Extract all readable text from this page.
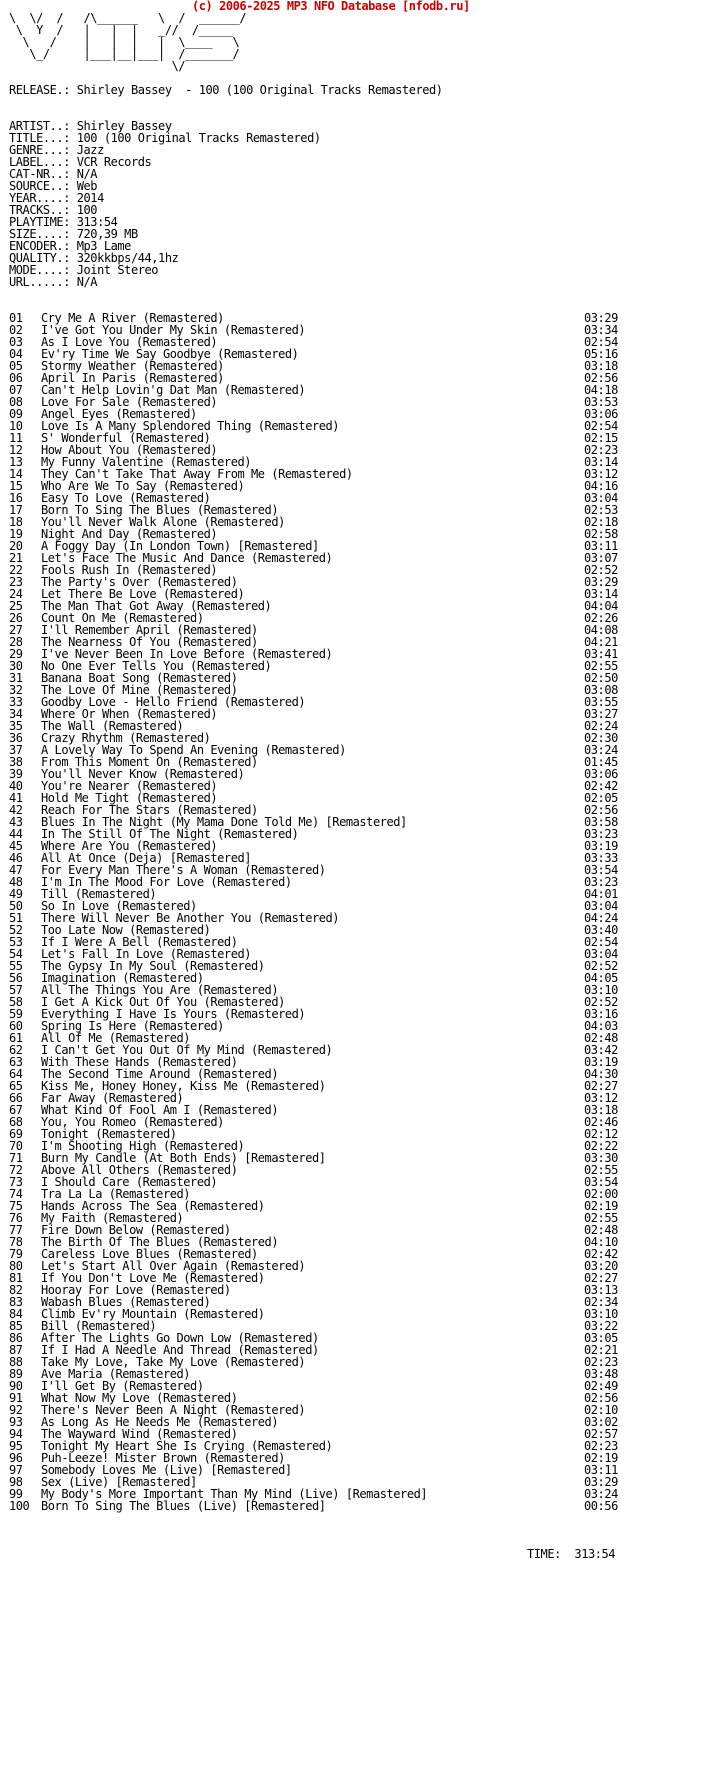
(c) 2006-2025 MP3 NFO Database [nfodb.ru]

\  \/  /   /\______   \  /  ______/
\  Y  /   |   |  |   _//  /_____
\   /    |   |  |   |  \____   \
\_/     |___|__|___|  /_______/
\/

RELEASE.: Shirley Bassey  - 100 (100 Original Tracks Remastered)

ARTIST..: Shirley Bassey
TITLE...: 100 (100 Original Tracks Remastered)
GENRE...: Jazz
LABEL...: VCR Records
CAT-NR..: N/A
SOURCE..: Web
YEAR....: 2014
TRACKS..: 100
PLAYTIME: 313:54
SIZE....: 720,39 MB
ENCODER.: Mp3 Lame
QUALITY.: 320kkbps/44,1hz
MODE....: Joint Stereo
URL.....: N/A

01 Cry Me A River (Remastered)	03:29
02 I've Got You Under My Skin (Remastered)	03:34
03 As I Love You (Remastered)	02:54
04 Ev'ry Time We Say Goodbye (Remastered)	05:16
05 Stormy Weather (Remastered)	03:18
06 April In Paris (Remastered)	02:56
07 Can't Help Lovin'g Dat Man (Remastered)	04:18
08 Love For Sale (Remastered)	03:53
09 Angel Eyes (Remastered)	03:06
10 Love Is A Many Splendored Thing (Remastered)	02:54
11 S' Wonderful (Remastered)	02:15
12 How About You (Remastered)	02:23
13 My Funny Valentine (Remastered)	03:14
14 They Can't Take That Away From Me (Remastered)	03:12
15 Who Are We To Say (Remastered)	04:16
16 Easy To Love (Remastered)	03:04
17 Born To Sing The Blues (Remastered)	02:53
18 You'll Never Walk Alone (Remastered)	02:18
19 Night And Day (Remastered)	02:58
20 A Foggy Day (In London Town) [Remastered]	03:11
21 Let's Face The Music And Dance (Remastered)	03:07
22 Fools Rush In (Remastered)	02:52
23 The Party's Over (Remastered)	03:29
24 Let There Be Love (Remastered)	03:14
25 The Man That Got Away (Remastered)	04:04
26 Count On Me (Remastered)	02:26
27 I'll Remember April (Remastered)	04:08
28 The Nearness Of You (Remastered)	04:21
29 I've Never Been In Love Before (Remastered)	03:41
30 No One Ever Tells You (Remastered)	02:55
31 Banana Boat Song (Remastered)	02:50
32 The Love Of Mine (Remastered)	03:08
33 Goodby Love - Hello Friend (Remastered)	03:55
34 Where Or When (Remastered)	03:27
35 The Wall (Remastered)	02:24
36 Crazy Rhythm (Remastered)	02:30
37 A Lovely Way To Spend An Evening (Remastered)	03:24
38 From This Moment On (Remastered)	01:45
39 You'll Never Know (Remastered)	03:06
40 You're Nearer (Remastered)	02:42
41 Hold Me Tight (Remastered)	02:05
42 Reach For The Stars (Remastered)	02:56
43 Blues In The Night (My Mama Done Told Me) [Remastered]	03:58
44 In The Still Of The Night (Remastered)	03:23
45 Where Are You (Remastered)	03:19
46 All At Once (Deja) [Remastered]	03:33
47 For Every Man There's A Woman (Remastered)	03:54
48 I'm In The Mood For Love (Remastered)	03:23
49 Till (Remastered)	04:01
50 So In Love (Remastered)	03:04
51 There Will Never Be Another You (Remastered)	04:24
52 Too Late Now (Remastered)	03:40
53 If I Were A Bell (Remastered)	02:54
54 Let's Fall In Love (Remastered)	03:04
55 The Gypsy In My Soul (Remastered)	02:52
56 Imagination (Remastered)	04:05
57 All The Things You Are (Remastered)	03:10
58 I Get A Kick Out Of You (Remastered)	02:52
59 Everything I Have Is Yours (Remastered)	03:16
60 Spring Is Here (Remastered)	04:03
61 All Of Me (Remastered)	02:48
62 I Can't Get You Out Of My Mind (Remastered)	03:42
63 With These Hands (Remastered)	03:19
64 The Second Time Around (Remastered)	04:30
65 Kiss Me, Honey Honey, Kiss Me (Remastered)	02:27
66 Far Away (Remastered)	03:12
67 What Kind Of Fool Am I (Remastered)	03:18
68 You, You Romeo (Remastered)	02:46
69 Tonight (Remastered)	02:12
70 I'm Shooting High (Remastered)	02:22
71 Burn My Candle (At Both Ends) [Remastered]	03:30
72 Above All Others (Remastered)	02:55
73 I Should Care (Remastered)	03:54
74 Tra La La (Remastered)	02:00
75 Hands Across The Sea (Remastered)	02:19
76 My Faith (Remastered)	02:55
77 Fire Down Below (Remastered)	02:48
78 The Birth Of The Blues (Remastered)	04:10
79 Careless Love Blues (Remastered)	02:42
80 Let's Start All Over Again (Remastered)	03:20
81 If You Don't Love Me (Remastered)	02:27
82 Hooray For Love (Remastered)	03:13
83 Wabash Blues (Remastered)	02:34
84 Climb Ev'ry Mountain (Remastered)	03:10
85 Bill (Remastered)	03:22
86 After The Lights Go Down Low (Remastered)	03:05
87 If I Had A Needle And Thread (Remastered)	02:21
88 Take My Love, Take My Love (Remastered)	02:23
89 Ave Maria (Remastered)	03:48
90 I'll Get By (Remastered)	02:49
91 What Now My Love (Remastered)	02:56
92 There's Never Been A Night (Remastered)	02:10
93 As Long As He Needs Me (Remastered)	03:02
94 The Wayward Wind (Remastered)	02:57
95 Tonight My Heart She Is Crying (Remastered)	02:23
96 Puh-Leeze! Mister Brown (Remastered)	02:19
97 Somebody Loves Me (Live) [Remastered]	03:11
98 Sex (Live) [Remastered]	03:29
99 My Body's More Important Than My Mind (Live) [Remastered]	03:24
100 Born To Sing The Blues (Live) [Remastered]	00:56

TIME:  313:54
